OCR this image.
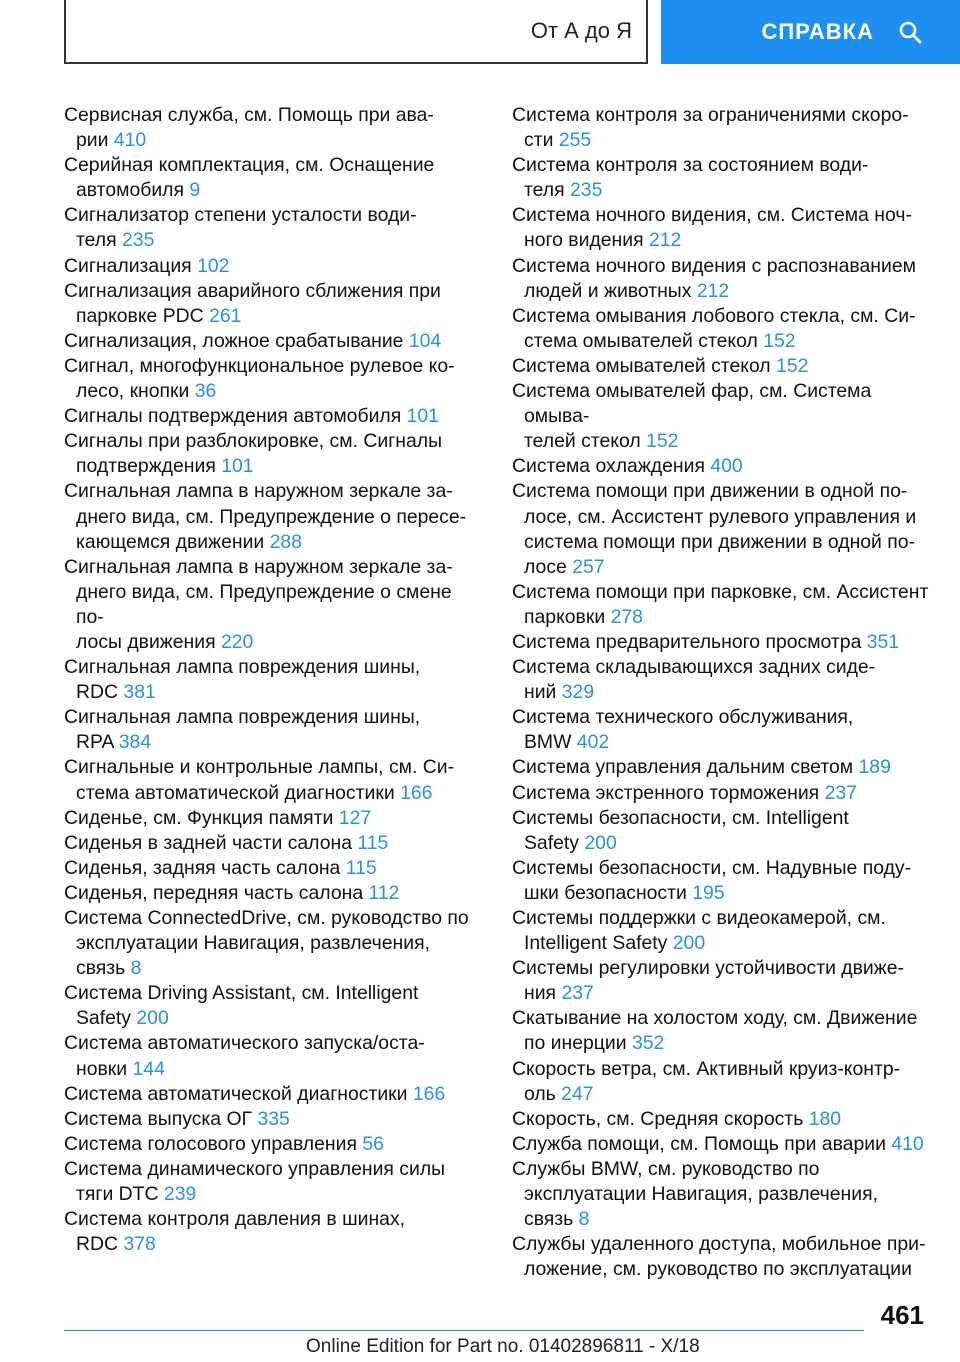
От А до Я	СПРАВКА
Сервисная служба, см. Помощь при ава-
рии 410
Серийная комплектация, см. Оснащение
автомобиля 9
Сигнализатор степени усталости води-
теля 235
Сигнализация 102
Сигнализация аварийного сближения при
парковке PDC 261
Сигнализация, ложное срабатывание 104
Сигнал, многофункциональное рулевое ко-
лесо, кнопки 36
Сигналы подтверждения автомобиля 101
Сигналы при разблокировке, см. Сигналы
подтверждения 101
Сигнальная лампа в наружном зеркале за-
днего вида, см. Предупреждение о пересе-
кающемся движении 288
Сигнальная лампа в наружном зеркале за-
днего вида, см. Предупреждение о смене по-
лосы движения 220
Сигнальная лампа повреждения шины,
RDC 381
Сигнальная лампа повреждения шины,
RPA 384
Сигнальные и контрольные лампы, см. Си-
стема автоматической диагностики 166
Сиденье, см. Функция памяти 127
Сиденья в задней части салона 115
Сиденья, задняя часть салона 115
Сиденья, передняя часть салона 112
Система ConnectedDrive, см. руководство по
эксплуатации Навигация, развлечения,
связь 8
Система Driving Assistant, см. Intelligent
Safety 200
Система автоматического запуска/оста-
новки 144
Система автоматической диагностики 166
Система выпуска ОГ 335
Система голосового управления 56
Система динамического управления силы
тяги DTC 239
Система контроля давления в шинах,
RDC 378
Система контроля за ограничениями скоро-
сти 255
Система контроля за состоянием води-
теля 235
Система ночного видения, см. Система ноч-
ного видения 212
Система ночного видения с распознаванием
людей и животных 212
Система омывания лобового стекла, см. Си-
стема омывателей стекол 152
Система омывателей стекол 152
Система омывателей фар, см. Система омыва-
телей стекол 152
Система охлаждения 400
Система помощи при движении в одной по-
лосе, см. Ассистент рулевого управления и
система помощи при движении в одной по-
лосе 257
Система помощи при парковке, см. Ассистент
парковки 278
Система предварительного просмотра 351
Система складывающихся задних сиде-
ний 329
Система технического обслуживания,
BMW 402
Система управления дальним светом 189
Система экстренного торможения 237
Системы безопасности, см. Intelligent
Safety 200
Системы безопасности, см. Надувные поду-
шки безопасности 195
Системы поддержки с видеокамерой, см.
Intelligent Safety 200
Системы регулировки устойчивости движе-
ния 237
Скатывание на холостом ходу, см. Движение
по инерции 352
Скорость ветра, см. Активный круиз-контр-
оль 247
Скорость, см. Средняя скорость 180
Служба помощи, см. Помощь при аварии 410
Службы BMW, см. руководство по
эксплуатации Навигация, развлечения,
связь 8
Службы удаленного доступа, мобильное при-
ложение, см. руководство по эксплуатации
461
Online Edition for Part no. 01402896811 - X/18
